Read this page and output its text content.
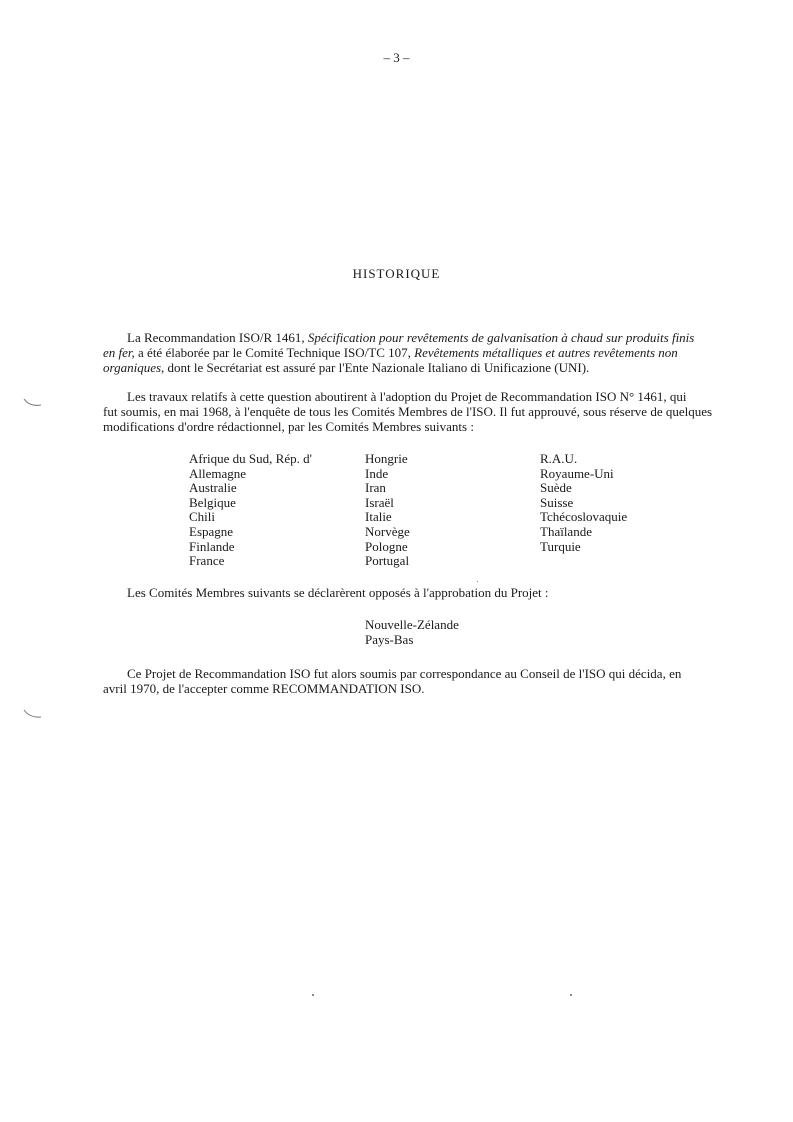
– 3 –
HISTORIQUE
La Recommandation ISO/R 1461, Spécification pour revêtements de galvanisation à chaud sur produits finis
en fer, a été élaborée par le Comité Technique ISO/TC 107, Revêtements métalliques et autres revêtements non
organiques, dont le Secrétariat est assuré par l'Ente Nazionale Italiano di Unificazione (UNI).
Les travaux relatifs à cette question aboutirent à l'adoption du Projet de Recommandation ISO N° 1461, qui
fut soumis, en mai 1968, à l'enquête de tous les Comités Membres de l'ISO. Il fut approuvé, sous réserve de quelques
modifications d'ordre rédactionnel, par les Comités Membres suivants :
Afrique du Sud, Rép. d'
Allemagne
Australie
Belgique
Chili
Espagne
Finlande
France
Hongrie
Inde
Iran
Israël
Italie
Norvège
Pologne
Portugal
R.A.U.
Royaume-Uni
Suède
Suisse
Tchécoslovaquie
Thaïlande
Turquie
Les Comités Membres suivants se déclarèrent opposés à l'approbation du Projet :
Nouvelle-Zélande
Pays-Bas
Ce Projet de Recommandation ISO fut alors soumis par correspondance au Conseil de l'ISO qui décida, en
avril 1970, de l'accepter comme RECOMMANDATION ISO.
